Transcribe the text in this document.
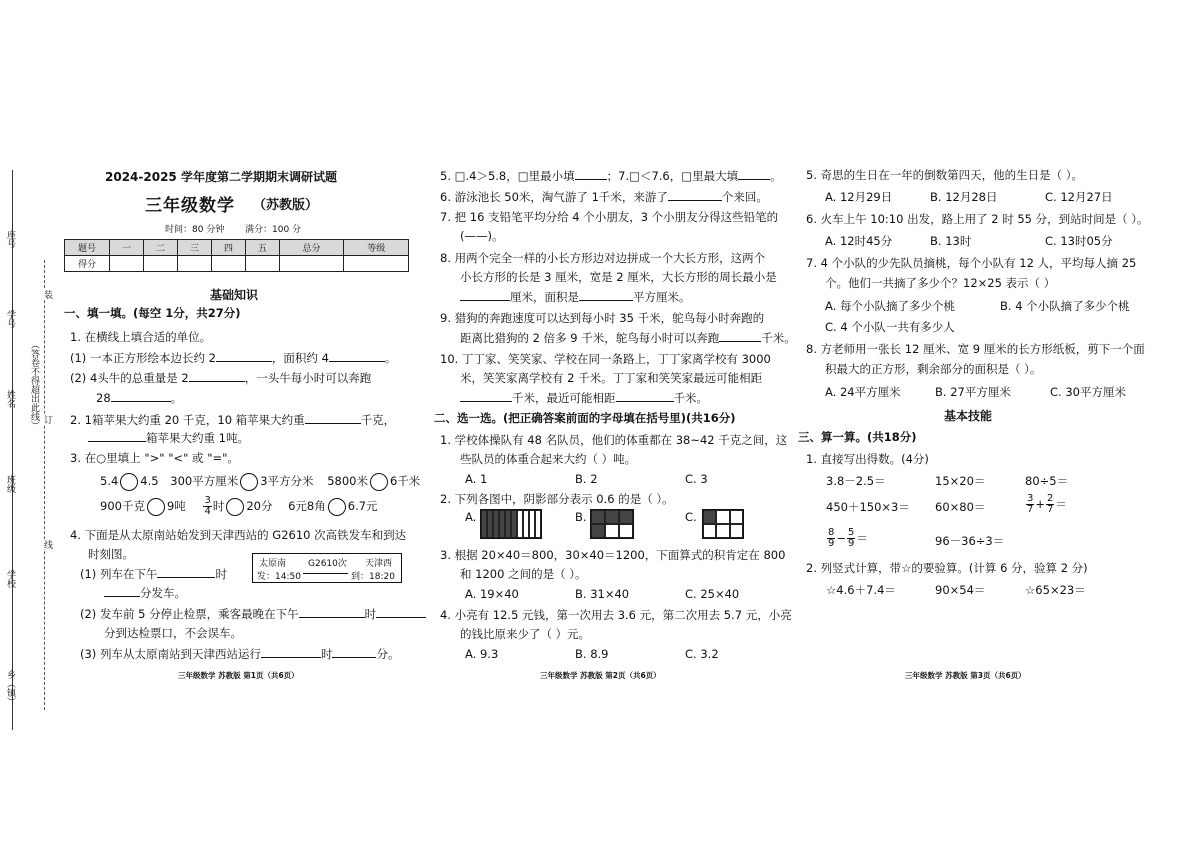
乡（镇）
学校
班级
姓名
学号
座号
（答卷不得超出此线）
装
订
线
2024-2025 学年度第二学期期末调研试题
三年级数学 （苏教版）
时间：80 分钟 满分：100 分
题号	一	二	三	四	五	总分	等级
得分							
基础知识
一、填一填。(每空 1分，共27分)
1. 在横线上填合适的单位。
(1) 一本正方形绘本边长约 2	，面积约 4	。
(2) 4头牛的总重量是 2	，一头牛每小时可以奔跑
28	。
2. 1箱苹果大约重 20 千克，10 箱苹果大约重	千克，
箱苹果大约重 1吨。
3. 在○里填上 ">" "<" 或 "="。
5.4 4.5 300平方厘米 3平方分米 5800米 6千米
900千克 9吨 $\frac{3}{4}$ 时 20分 6元8角 6.7元
4. 下面是从太原南站始发到天津西站的 G2610 次高铁发车和到达
时刻图。
太原南 G2610次 天津西
发：14:50	到：18:20
(1) 列车在下午	时
分发车。
(2) 发车前 5 分停止检票，乘客最晚在下午	时
分到达检票口，不会误车。
(3) 列车从太原南站到天津西站运行	时	分。
三年级数学 苏教版 第1页（共6页）
5. □.4＞5.8，□里最小填	；7.□＜7.6，□里最大填	。
6. 游泳池长 50米，淘气游了 1千米，来游了	个来回。
7. 把 16 支铅笔平均分给 4 个小朋友，3 个小朋友分得这些铅笔的
(——)。
8. 用两个完全一样的小长方形边对边拼成一个大长方形，这两个
小长方形的长是 3 厘米，宽是 2 厘米，大长方形的周长最小是
厘米，面积是	平方厘米。
9. 猎狗的奔跑速度可以达到每小时 35 千米，鸵鸟每小时奔跑的
距离比猎狗的 2 倍多 9 千米，鸵鸟每小时可以奔跑	千米。
10. 丁丁家、笑笑家、学校在同一条路上，丁丁家离学校有 3000
米，笑笑家离学校有 2 千米。丁丁家和笑笑家最远可能相距
千米，最近可能相距	千米。
二、选一选。(把正确答案前面的字母填在括号里)(共16分)
1. 学校体操队有 48 名队员，他们的体重都在 38~42 千克之间，这
些队员的体重合起来大约（ ）吨。
A. 1	B. 2	C. 3
2. 下列各图中，阴影部分表示 0.6 的是（ ）。
A.	B.	C.
3. 根据 20×40＝800，30×40＝1200，下面算式的积肯定在 800
和 1200 之间的是（ ）。
A. 19×40	B. 31×40	C. 25×40
4. 小亮有 12.5 元钱，第一次用去 3.6 元，第二次用去 5.7 元，小亮
的钱比原来少了（ ）元。
A. 9.3	B. 8.9	C. 3.2
三年级数学 苏教版 第2页（共6页）
5. 奇思的生日在一年的倒数第四天，他的生日是（ ）。
A. 12月29日	B. 12月28日	C. 12月27日
6. 火车上午 10:10 出发，路上用了 2 时 55 分，到站时间是（ ）。
A. 12时45分	B. 13时	C. 13时05分
7. 4 个小队的少先队员摘桃，每个小队有 12 人，平均每人摘 25
个。他们一共摘了多少个？12×25 表示（ ）
A. 每个小队摘了多少个桃	B. 4 个小队摘了多少个桃
C. 4 个小队一共有多少人
8. 方老师用一张长 12 厘米、宽 9 厘米的长方形纸板，剪下一个面
积最大的正方形，剩余部分的面积是（ ）。
A. 24平方厘米	B. 27平方厘米	C. 30平方厘米
基本技能
三、算一算。(共18分)
1. 直接写出得数。(4分)
3.8－2.5＝	15×20＝	80÷5＝
450＋150×3＝ 60×80＝	$\frac{3}{7} + \frac{2}{7}$ ＝
$\frac{8}{9} - \frac{5}{9}$ ＝	96－36÷3＝
2. 列竖式计算，带☆的要验算。(计算 6 分，验算 2 分)
☆4.6＋7.4＝	90×54＝	☆65×23＝
三年级数学 苏教版 第3页（共6页）
